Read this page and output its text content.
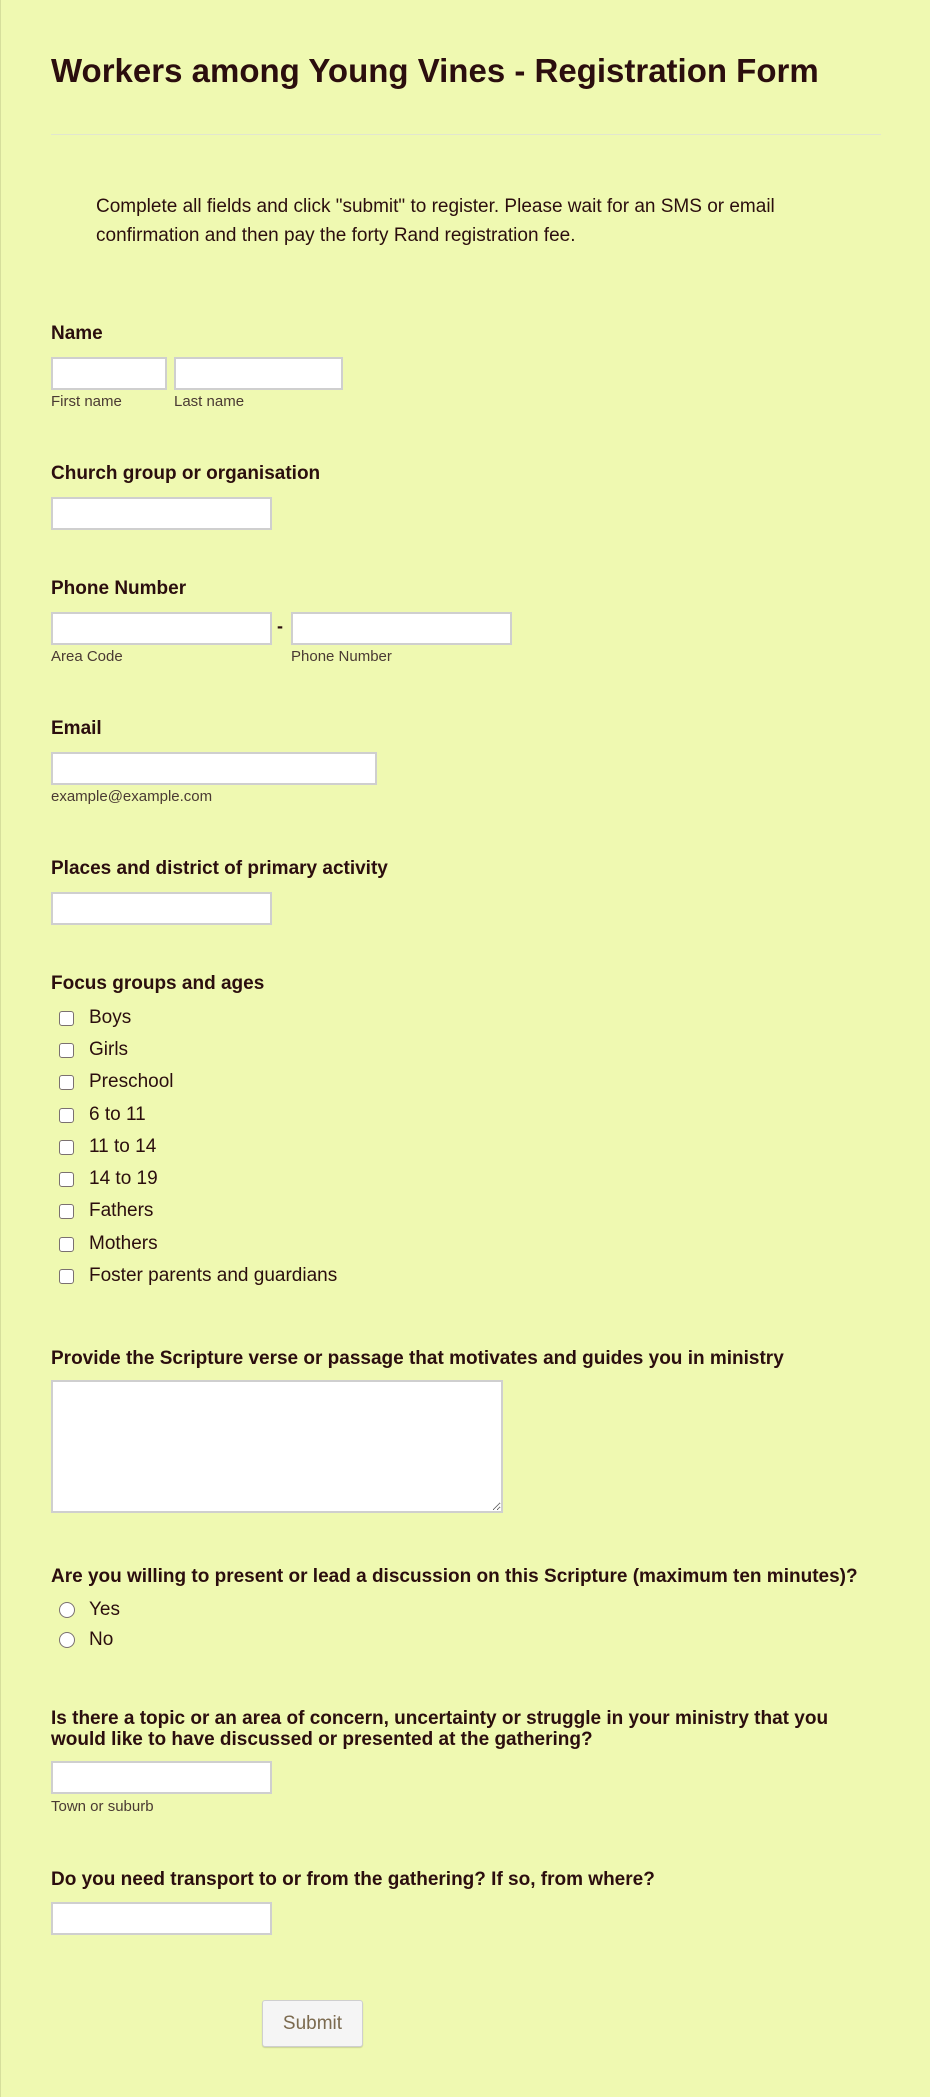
Workers among Young Vines - Registration Form
Complete all fields and click "submit" to register. Please wait for an SMS or email confirmation and then pay the forty Rand registration fee.
Name
First name	Last name
Church group or organisation
Phone Number
-
Area Code	Phone Number
Email
example@example.com
Places and district of primary activity
Focus groups and ages
Boys
Girls
Preschool
6 to 11
11 to 14
14 to 19
Fathers
Mothers
Foster parents and guardians
Provide the Scripture verse or passage that motivates and guides you in ministry
Are you willing to present or lead a discussion on this Scripture (maximum ten minutes)?
Yes
No
Is there a topic or an area of concern, uncertainty or struggle in your ministry that you would like to have discussed or presented at the gathering?
Town or suburb
Do you need transport to or from the gathering? If so, from where?
Submit
